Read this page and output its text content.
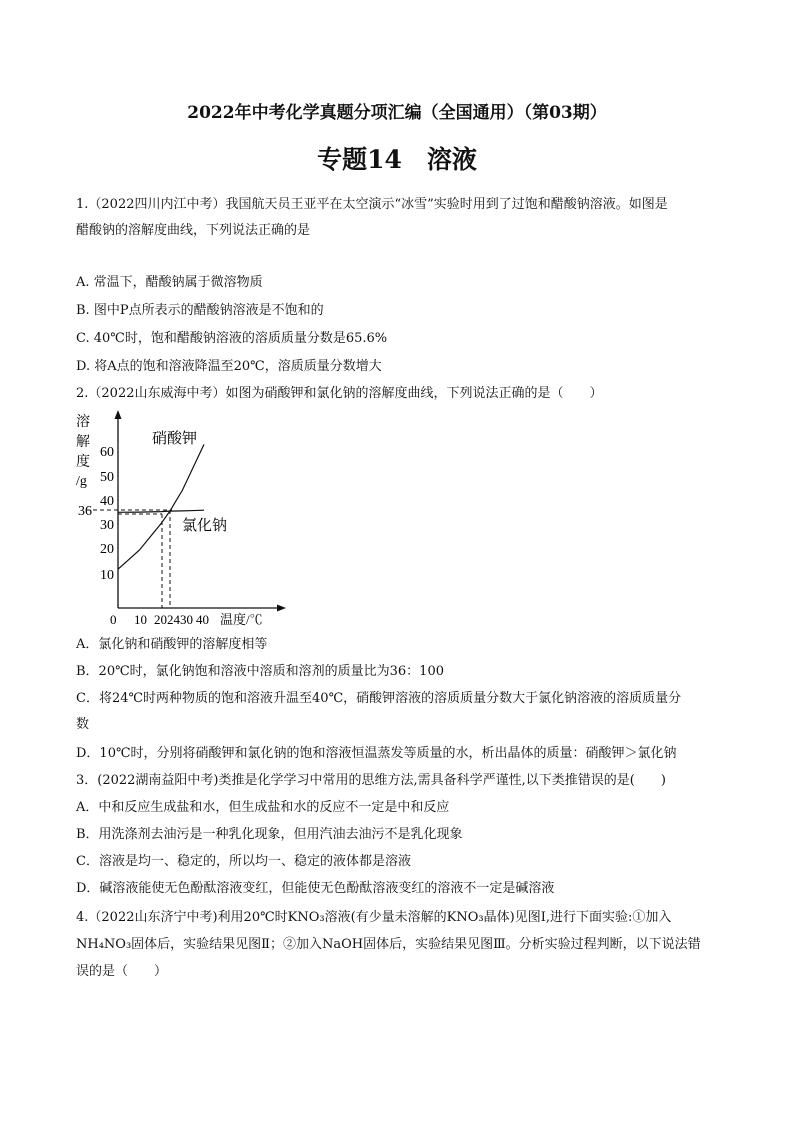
2022年中考化学真题分项汇编（全国通用）（第03期）
专题14　溶液
1.（2022四川内江中考）我国航天员王亚平在太空演示“冰雪”实验时用到了过饱和醋酸钠溶液。如图是
醋酸钠的溶解度曲线，下列说法正确的是
A. 常温下，醋酸钠属于微溶物质
B. 图中P点所表示的醋酸钠溶液是不饱和的
C. 40℃时，饱和醋酸钠溶液的溶质质量分数是65.6%
D. 将A点的饱和溶液降温至20℃，溶质质量分数增大
2.（2022山东威海中考）如图为硝酸钾和氯化钠的溶解度曲线，下列说法正确的是（　　）
溶
解
度
/g
60
50
40
30
20
10
36
0 10 202430 40 温度/℃
硝酸钾
氯化钠
A．氯化钠和硝酸钾的溶解度相等
B．20℃时，氯化钠饱和溶液中溶质和溶剂的质量比为36：100
C．将24℃时两种物质的饱和溶液升温至40℃，硝酸钾溶液的溶质质量分数大于氯化钠溶液的溶质质量分
数
D．10℃时，分别将硝酸钾和氯化钠的饱和溶液恒温蒸发等质量的水，析出晶体的质量：硝酸钾＞氯化钠
3．(2022湖南益阳中考)类推是化学学习中常用的思维方法,需具备科学严谨性,以下类推错误的是(　　)
A．中和反应生成盐和水，但生成盐和水的反应不一定是中和反应
B．用洗涤剂去油污是一种乳化现象，但用汽油去油污不是乳化现象
C．溶液是均一、稳定的，所以均一、稳定的液体都是溶液
D．碱溶液能使无色酚酞溶液变红，但能使无色酚酞溶液变红的溶液不一定是碱溶液
4.（2022山东济宁中考)利用20℃时KNO₃溶液(有少量未溶解的KNO₃晶体)见图Ⅰ,进行下面实验:①加入
NH₄NO₃固体后，实验结果见图Ⅱ；②加入NaOH固体后，实验结果见图Ⅲ。分析实验过程判断，以下说法错
误的是（　　）
